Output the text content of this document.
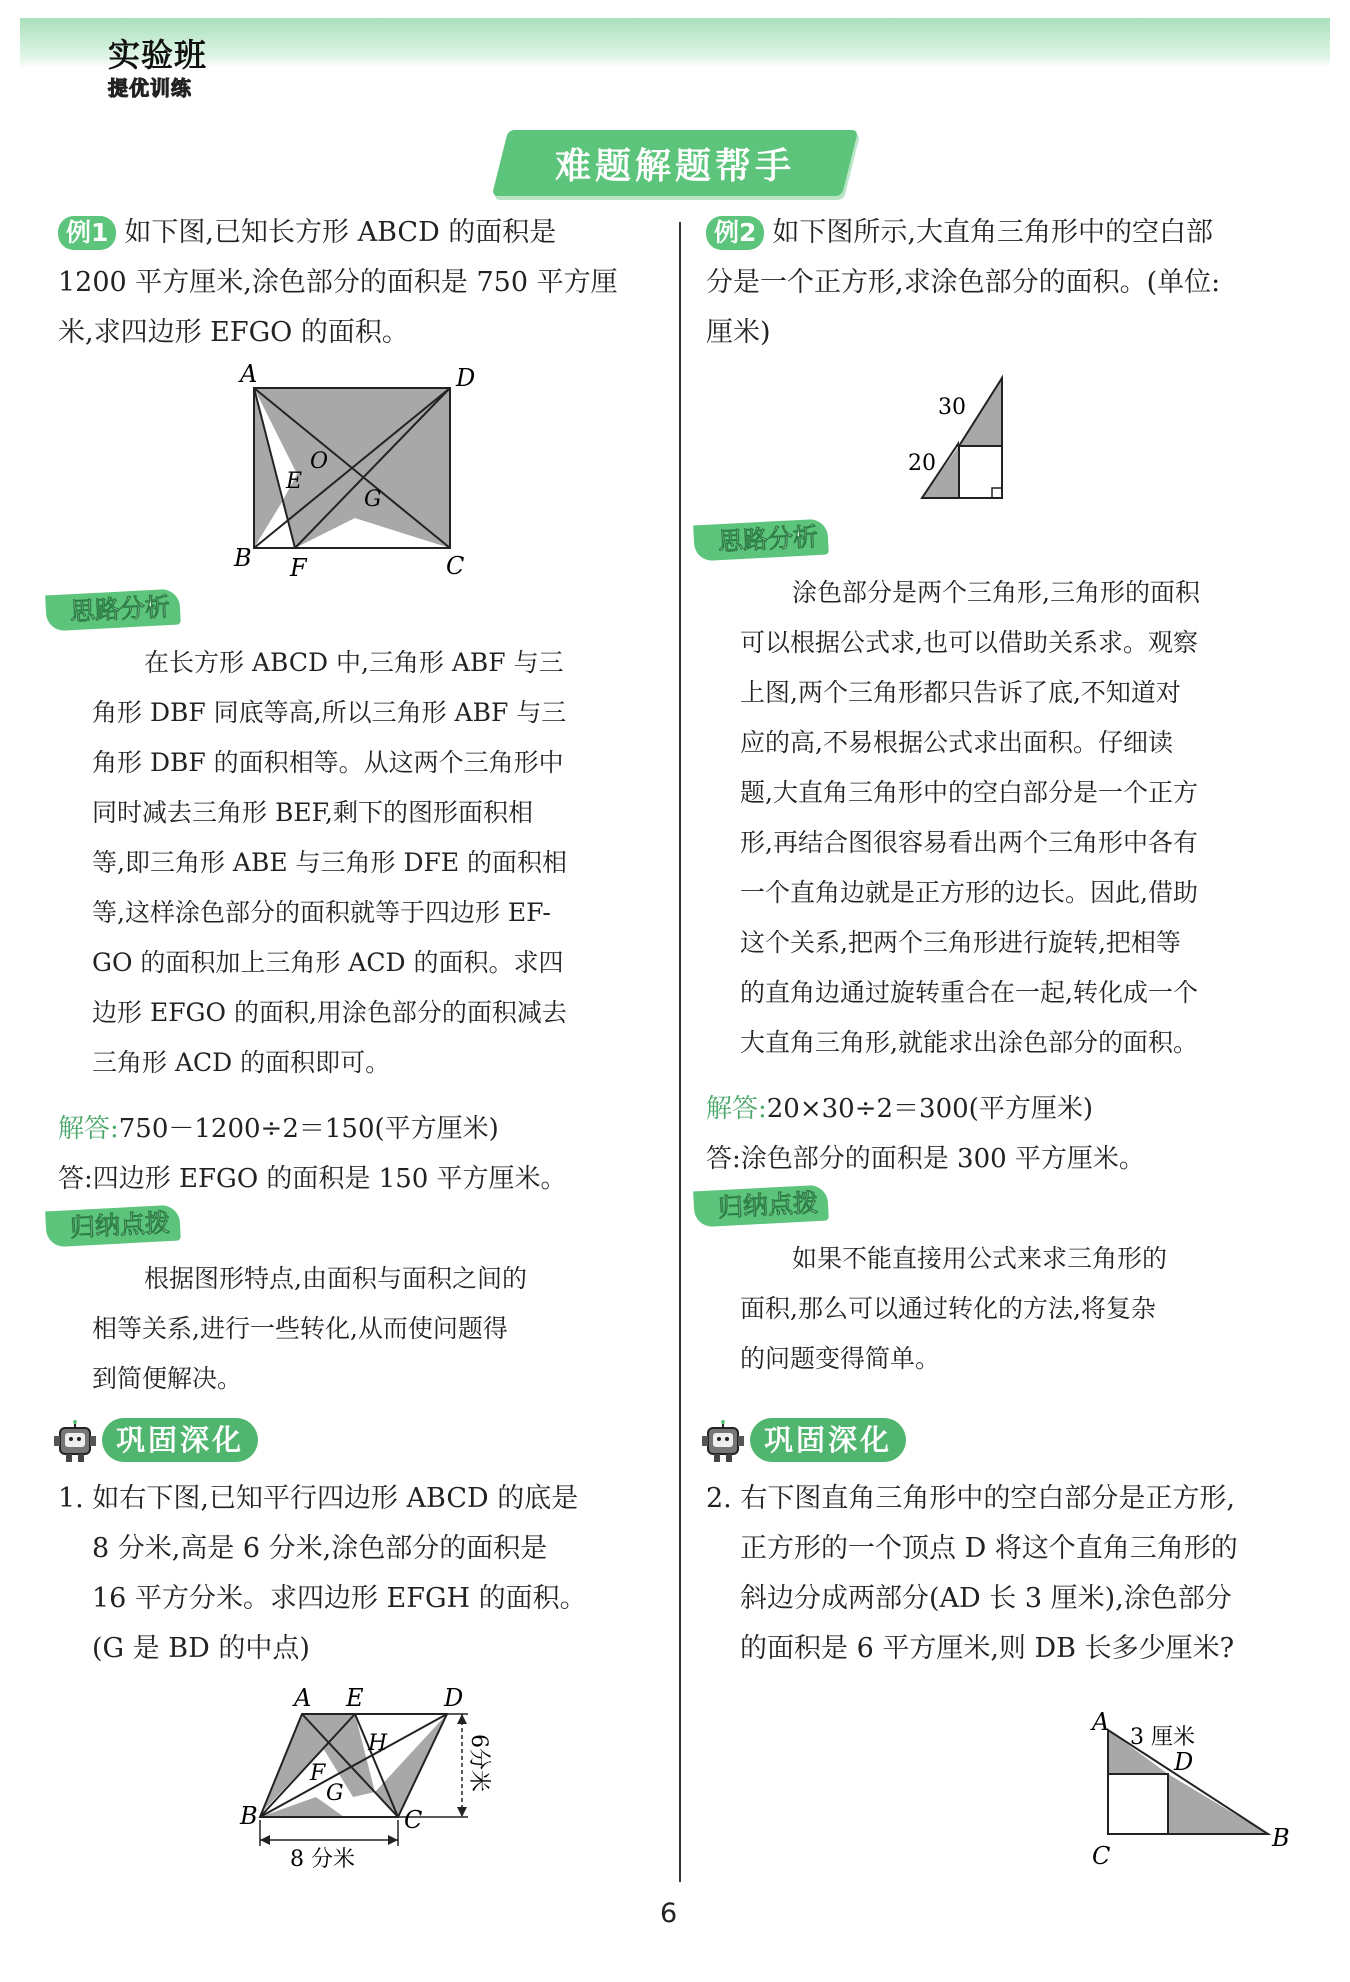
实验班
提优训练
难题解题帮手

例1 如下图,已知长方形 ABCD 的面积是

1200 平方厘米,涂色部分的面积是 750 平方厘

米,求四边形 EFGO 的面积。

A	D
B	C
F
E
O
G
思路分析

在长方形 ABCD 中,三角形 ABF 与三

角形 DBF 同底等高,所以三角形 ABF 与三

角形 DBF 的面积相等。从这两个三角形中

同时减去三角形 BEF,剩下的图形面积相

等,即三角形 ABE 与三角形 DFE 的面积相

等,这样涂色部分的面积就等于四边形 EF-

GO 的面积加上三角形 ACD 的面积。求四

边形 EFGO 的面积,用涂色部分的面积减去

三角形 ACD 的面积即可。

解答:750－1200÷2＝150(平方厘米)

答:四边形 EFGO 的面积是 150 平方厘米。

归纳点拨

根据图形特点,由面积与面积之间的

相等关系,进行一些转化,从而使问题得

到简便解决。

巩固深化

1. 如右下图,已知平行四边形 ABCD 的底是

8 分米,高是 6 分米,涂色部分的面积是

16 平方分米。求四边形 EFGH 的面积。

(G 是 BD 的中点)

A E	D
H
F
G
B	C
6分米
8 分米

例2 如下图所示,大直角三角形中的空白部

分是一个正方形,求涂色部分的面积。(单位:

厘米)

30
20
思路分析

涂色部分是两个三角形,三角形的面积

可以根据公式求,也可以借助关系求。观察

上图,两个三角形都只告诉了底,不知道对

应的高,不易根据公式求出面积。仔细读

题,大直角三角形中的空白部分是一个正方

形,再结合图很容易看出两个三角形中各有

一个直角边就是正方形的边长。因此,借助

这个关系,把两个三角形进行旋转,把相等

的直角边通过旋转重合在一起,转化成一个

大直角三角形,就能求出涂色部分的面积。

解答:20×30÷2＝300(平方厘米)

答:涂色部分的面积是 300 平方厘米。

归纳点拨

如果不能直接用公式来求三角形的

面积,那么可以通过转化的方法,将复杂

的问题变得简单。

巩固深化

2. 右下图直角三角形中的空白部分是正方形,

正方形的一个顶点 D 将这个直角三角形的

斜边分成两部分(AD 长 3 厘米),涂色部分

的面积是 6 平方厘米,则 DB 长多少厘米?

A
3 厘米
D
C
B
6
